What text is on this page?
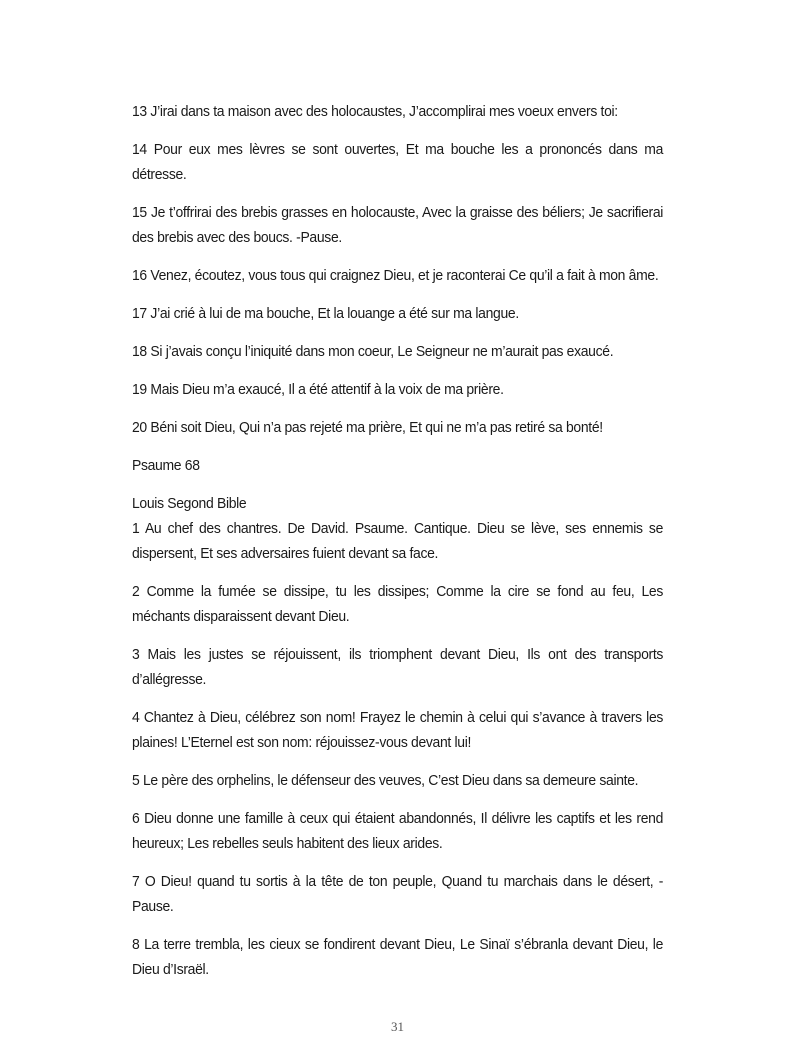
13 J’irai dans ta maison avec des holocaustes, J’accomplirai mes voeux envers toi:

14 Pour eux mes lèvres se sont ouvertes, Et ma bouche les a prononcés dans ma détresse.

15 Je t’offrirai des brebis grasses en holocauste, Avec la graisse des béliers; Je sacrifierai des brebis avec des boucs. -Pause.

16 Venez, écoutez, vous tous qui craignez Dieu, et je raconterai Ce qu’il a fait à mon âme.

17 J’ai crié à lui de ma bouche, Et la louange a été sur ma langue.

18 Si j’avais conçu l’iniquité dans mon coeur, Le Seigneur ne m’aurait pas exaucé.

19 Mais Dieu m’a exaucé, Il a été attentif à la voix de ma prière.

20 Béni soit Dieu, Qui n’a pas rejeté ma prière, Et qui ne m’a pas retiré sa bonté!

Psaume 68

Louis Segond Bible

1 Au chef des chantres. De David. Psaume. Cantique. Dieu se lève, ses ennemis se dispersent, Et ses adversaires fuient devant sa face.

2 Comme la fumée se dissipe, tu les dissipes; Comme la cire se fond au feu, Les méchants disparaissent devant Dieu.

3 Mais les justes se réjouissent, ils triomphent devant Dieu, Ils ont des transports d’allégresse.

4 Chantez à Dieu, célébrez son nom! Frayez le chemin à celui qui s’avance à travers les plaines! L’Eternel est son nom: réjouissez-vous devant lui!

5 Le père des orphelins, le défenseur des veuves, C’est Dieu dans sa demeure sainte.

6 Dieu donne une famille à ceux qui étaient abandonnés, Il délivre les captifs et les rend heureux; Les rebelles seuls habitent des lieux arides.

7 O Dieu! quand tu sortis à la tête de ton peuple, Quand tu marchais dans le désert, -Pause.

8 La terre trembla, les cieux se fondirent devant Dieu, Le Sinaï s’ébranla devant Dieu, le Dieu d’Israël.

31
